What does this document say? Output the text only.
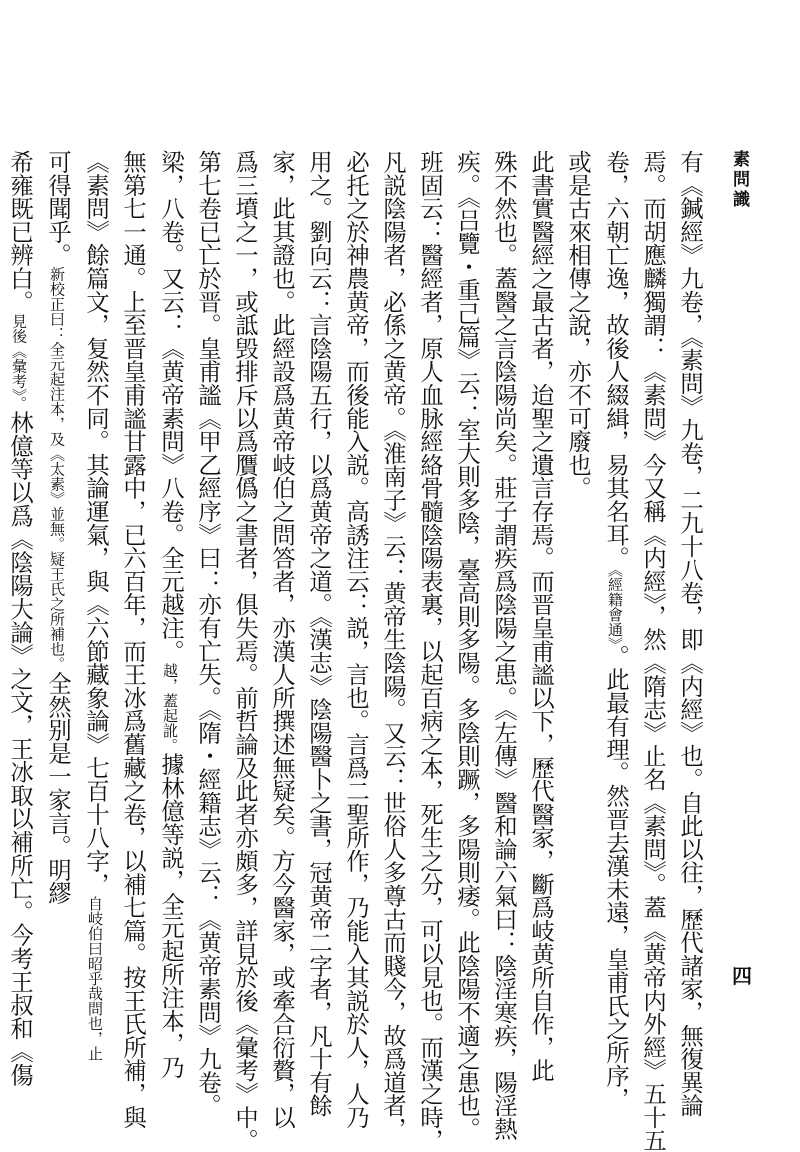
素問識
四
有《鍼經》九卷，《素問》九卷，二九十八卷，即《内經》也。自此以往，歷代諸家，無復異論
焉。而胡應麟獨謂：《素問》今又稱《内經》，然《隋志》止名《素問》。蓋《黄帝内外經》五十五
卷，六朝亡逸，故後人綴緝，易其名耳。《經籍會通》。此最有理。然晋去漢未遠，皇甫氏之所序，
或是古來相傳之說，亦不可廢也。
此書實醫經之最古者，迨聖之遺言存焉。而晋皇甫謐以下，歷代醫家，斷爲岐黄所自作，此
殊不然也。蓋醫之言陰陽尚矣。莊子謂疾爲陰陽之患。《左傳》醫和論六氣曰：陰淫寒疾，陽淫熱
疾。《吕覽・重己篇》云：室大則多陰，臺高則多陽。多陰則蹶，多陽則痿。此陰陽不適之患也。
班固云：醫經者，原人血脉經絡骨髓陰陽表裏，以起百病之本，死生之分，可以見也。而漢之時，
凡説陰陽者，必係之黄帝。《淮南子》云：黄帝生陰陽。又云：世俗人多尊古而賤今，故爲道者，
必托之於神農黄帝，而後能入説。高誘注云：説，言也。言爲二聖所作，乃能入其説於人，人乃
用之。劉向云：言陰陽五行，以爲黄帝之道。《漢志》陰陽醫卜之書，冠黄帝二字者，凡十有餘
家，此其證也。此經設爲黄帝岐伯之問答者，亦漢人所撰述無疑矣。方今醫家，或牽合衍贅，以
爲三墳之一，或詆毁排斥以爲贋僞之書者，俱失焉。前哲論及此者亦頗多，詳見於後《彙考》中。
第七卷已亡於晋。皇甫謐《甲乙經序》曰：亦有亡失。《隋・經籍志》云：《黄帝素問》九卷。
梁，八卷。又云：《黄帝素問》八卷。全元越注。越，蓋起訛。據林億等説，全元起所注本，乃
無第七一通。上至晋皇甫謐甘露中，已六百年，而王冰爲舊藏之卷，以補七篇。按王氏所補，與
《素問》餘篇文，复然不同。其論運氣，與《六節藏象論》七百十八字，自岐伯曰昭乎哉問也，止
可得聞乎。新校正曰：全元起注本，及《太素》並無。疑王氏之所補也。全然别是一家言。明繆
希雍既已辨白。見後《彙考》。林億等以爲《陰陽大論》之文，王冰取以補所亡。今考王叔和《傷
